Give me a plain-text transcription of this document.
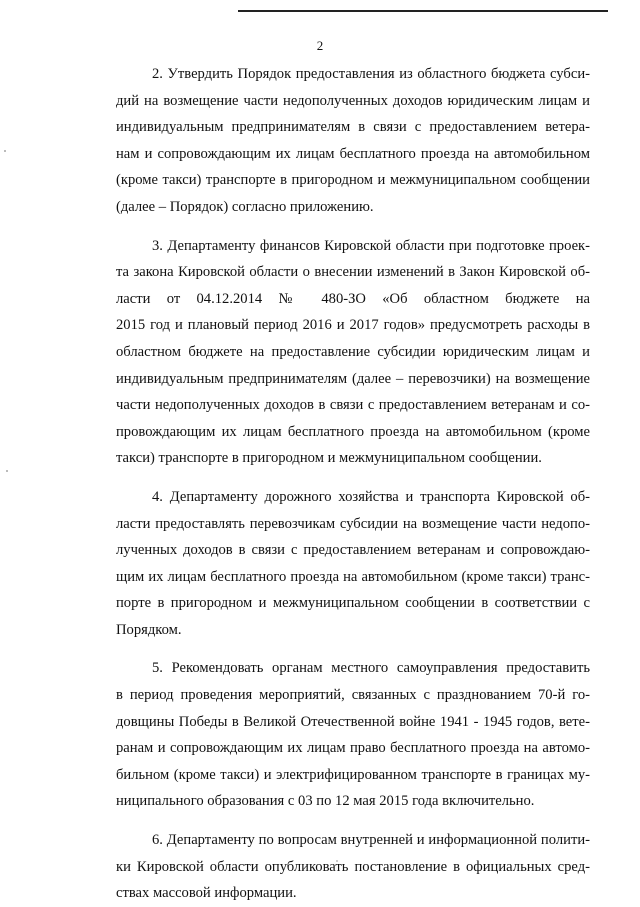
2

2. Утвердить Порядок предоставления из областного бюджета субси-
дий на возмещение части недополученных доходов юридическим лицам и
индивидуальным предпринимателям в связи с предоставлением ветера-
нам и сопровождающим их лицам бесплатного проезда на автомобильном
(кроме такси) транспорте в пригородном и межмуниципальном сообщении
(далее – Порядок) согласно приложению.

3. Департаменту финансов Кировской области при подготовке проек-
та закона Кировской области о внесении изменений в Закон Кировской об-
ласти от 04.12.2014 № 480-ЗО «Об областном бюджете на
2015 год и плановый период 2016 и 2017 годов» предусмотреть расходы в
областном бюджете на предоставление субсидии юридическим лицам и
индивидуальным предпринимателям (далее – перевозчики) на возмещение
части недополученных доходов в связи с предоставлением ветеранам и со-
провождающим их лицам бесплатного проезда на автомобильном (кроме
такси) транспорте в пригородном и межмуниципальном сообщении.

4. Департаменту дорожного хозяйства и транспорта Кировской об-
ласти предоставлять перевозчикам субсидии на возмещение части недопо-
лученных доходов в связи с предоставлением ветеранам и сопровождаю-
щим их лицам бесплатного проезда на автомобильном (кроме такси) транс-
порте в пригородном и межмуниципальном сообщении в соответствии с
Порядком.

5. Рекомендовать органам местного самоуправления предоставить
в период проведения мероприятий, связанных с празднованием 70-й го-
довщины Победы в Великой Отечественной войне 1941 - 1945 годов, вете-
ранам и сопровождающим их лицам право бесплатного проезда на автомо-
бильном (кроме такси) и электрифицированном транспорте в границах му-
ниципального образования с 03 по 12 мая 2015 года включительно.

6. Департаменту по вопросам внутренней и информационной полити-
ки Кировской области опубликовать постановление в официальных сред-
ствах массовой информации.
